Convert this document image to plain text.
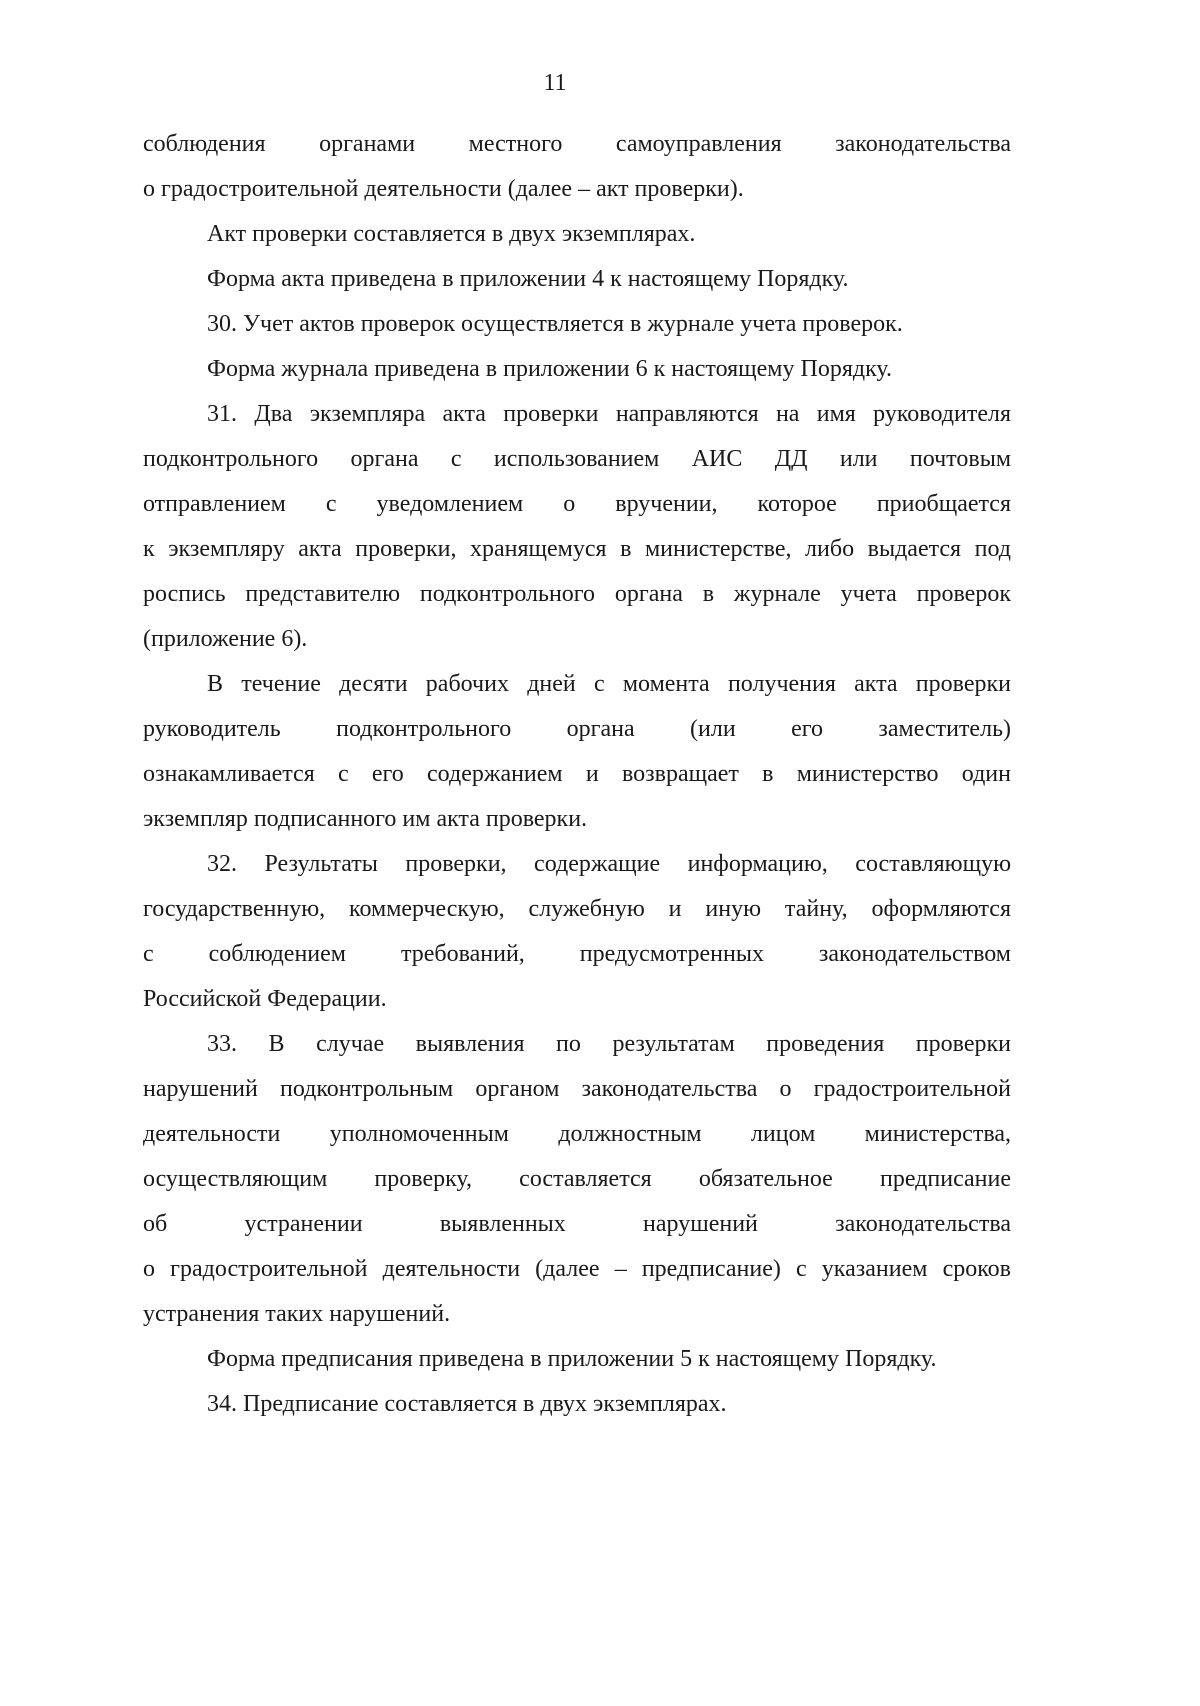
11
соблюдения органами местного самоуправления законодательства
о градостроительной деятельности (далее – акт проверки).
Акт проверки составляется в двух экземплярах.
Форма акта приведена в приложении 4 к настоящему Порядку.
30. Учет актов проверок осуществляется в журнале учета проверок.
Форма журнала приведена в приложении 6 к настоящему Порядку.
31. Два экземпляра акта проверки направляются на имя руководителя
подконтрольного органа с использованием АИС ДД или почтовым
отправлением с уведомлением о вручении, которое приобщается
к экземпляру акта проверки, хранящемуся в министерстве, либо выдается под
роспись представителю подконтрольного органа в журнале учета проверок
(приложение 6).
В течение десяти рабочих дней с момента получения акта проверки
руководитель подконтрольного органа (или его заместитель)
ознакамливается с его содержанием и возвращает в министерство один
экземпляр подписанного им акта проверки.
32. Результаты проверки, содержащие информацию, составляющую
государственную, коммерческую, служебную и иную тайну, оформляются
с соблюдением требований, предусмотренных законодательством
Российской Федерации.
33. В случае выявления по результатам проведения проверки
нарушений подконтрольным органом законодательства о градостроительной
деятельности уполномоченным должностным лицом министерства,
осуществляющим проверку, составляется обязательное предписание
об устранении выявленных нарушений законодательства
о градостроительной деятельности (далее – предписание) с указанием сроков
устранения таких нарушений.
Форма предписания приведена в приложении 5 к настоящему Порядку.
34. Предписание составляется в двух экземплярах.
